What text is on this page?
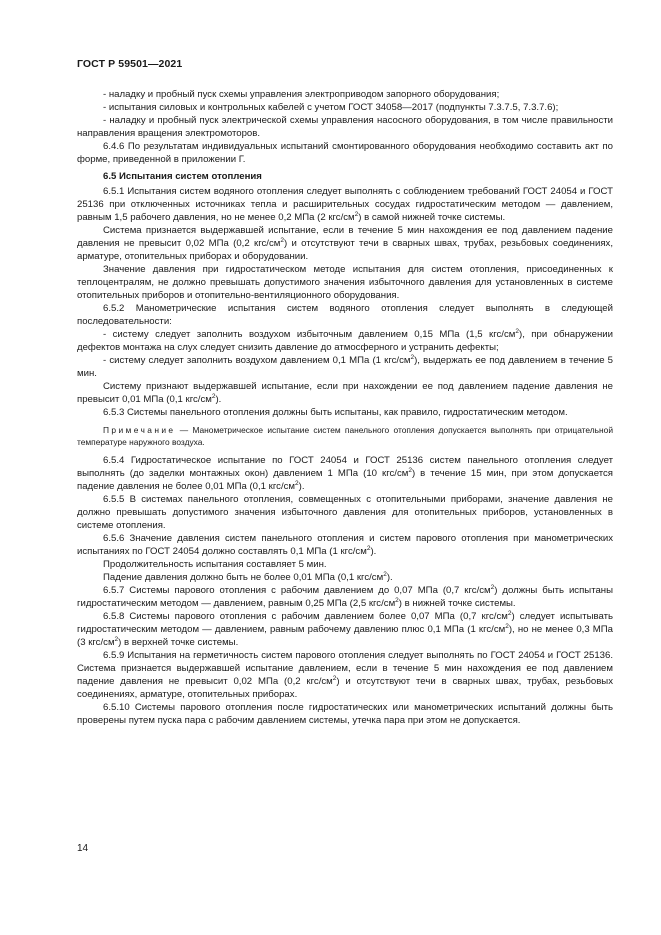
ГОСТ Р 59501—2021

- наладку и пробный пуск схемы управления электроприводом запорного оборудования;

- испытания силовых и контрольных кабелей с учетом ГОСТ 34058—2017 (подпункты 7.3.7.5, 7.3.7.6);

- наладку и пробный пуск электрической схемы управления насосного оборудования, в том числе правильности направления вращения электромоторов.

6.4.6 По результатам индивидуальных испытаний смонтированного оборудования необходимо составить акт по форме, приведенной в приложении Г.

6.5 Испытания систем отопления

6.5.1 Испытания систем водяного отопления следует выполнять с соблюдением требований ГОСТ 24054 и ГОСТ 25136 при отключенных источниках тепла и расширительных сосудах гидростатическим методом — давлением, равным 1,5 рабочего давления, но не менее 0,2 МПа (2 кгс/$см^2$) в самой нижней точке системы.

Система признается выдержавшей испытание, если в течение 5 мин нахождения ее под давлением падение давления не превысит 0,02 МПа (0,2 кгс/$см^2$) и отсутствуют течи в сварных швах, трубах, резьбовых соединениях, арматуре, отопительных приборах и оборудовании.

Значение давления при гидростатическом методе испытания для систем отопления, присоединенных к теплоцентралям, не должно превышать допустимого значения избыточного давления для установленных в системе отопительных приборов и отопительно-вентиляционного оборудования.

6.5.2 Манометрические испытания систем водяного отопления следует выполнять в следующей последовательности:

- систему следует заполнить воздухом избыточным давлением 0,15 МПа (1,5 кгс/$см^2$), при обнаружении дефектов монтажа на слух следует снизить давление до атмосферного и устранить дефекты;

- систему следует заполнить воздухом давлением 0,1 МПа (1 кгс/$см^2$), выдержать ее под давлением в течение 5 мин.

Систему признают выдержавшей испытание, если при нахождении ее под давлением падение давления не превысит 0,01 МПа (0,1 кгс/$см^2$).

6.5.3 Системы панельного отопления должны быть испытаны, как правило, гидростатическим методом.

Примечание — Манометрическое испытание систем панельного отопления допускается выполнять при отрицательной температуре наружного воздуха.

6.5.4 Гидростатическое испытание по ГОСТ 24054 и ГОСТ 25136 систем панельного отопления следует выполнять (до заделки монтажных окон) давлением 1 МПа (10 кгс/$см^2$) в течение 15 мин, при этом допускается падение давления не более 0,01 МПа (0,1 кгс/$см^2$).

6.5.5 В системах панельного отопления, совмещенных с отопительными приборами, значение давления не должно превышать допустимого значения избыточного давления для отопительных приборов, установленных в системе отопления.

6.5.6 Значение давления систем панельного отопления и систем парового отопления при манометрических испытаниях по ГОСТ 24054 должно составлять 0,1 МПа (1 кгс/$см^2$).

Продолжительность испытания составляет 5 мин.

Падение давления должно быть не более 0,01 МПа (0,1 кгс/$см^2$).

6.5.7 Системы парового отопления с рабочим давлением до 0,07 МПа (0,7 кгс/$см^2$) должны быть испытаны гидростатическим методом — давлением, равным 0,25 МПа (2,5 кгс/$см^2$) в нижней точке системы.

6.5.8 Системы парового отопления с рабочим давлением более 0,07 МПа (0,7 кгс/$см^2$) следует испытывать гидростатическим методом — давлением, равным рабочему давлению плюс 0,1 МПа (1 кгс/$см^2$), но не менее 0,3 МПа (3 кгс/$см^2$) в верхней точке системы.

6.5.9 Испытания на герметичность систем парового отопления следует выполнять по ГОСТ 24054 и ГОСТ 25136. Система признается выдержавшей испытание давлением, если в течение 5 мин нахождения ее под давлением падение давления не превысит 0,02 МПа (0,2 кгс/$см^2$) и отсутствуют течи в сварных швах, трубах, резьбовых соединениях, арматуре, отопительных приборах.

6.5.10 Системы парового отопления после гидростатических или манометрических испытаний должны быть проверены путем пуска пара с рабочим давлением системы, утечка пара при этом не допускается.

14
